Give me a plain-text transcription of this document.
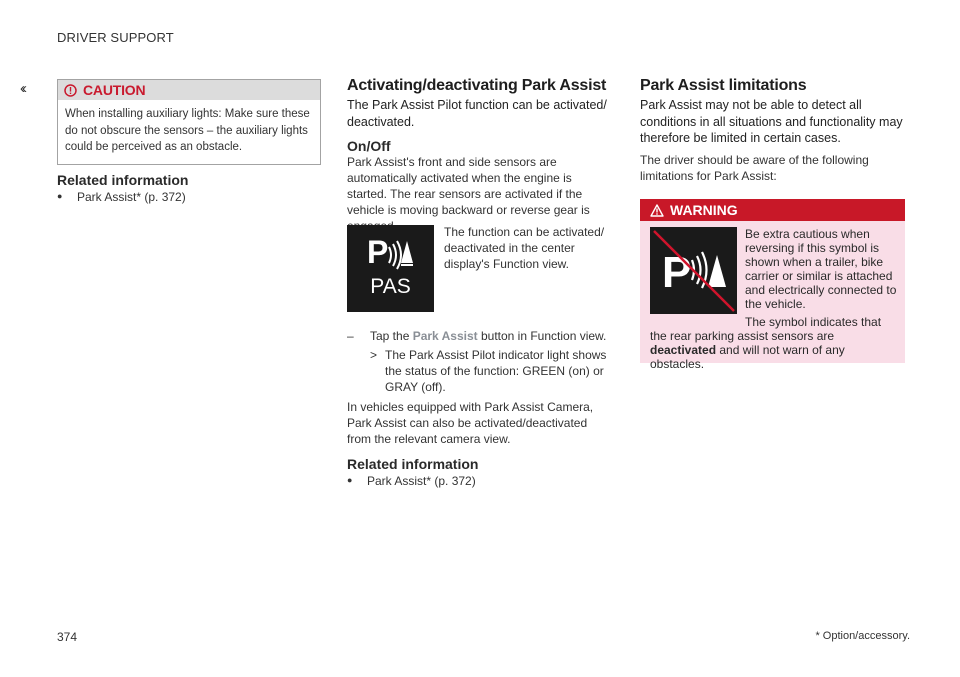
DRIVER SUPPORT
‹‹	CAUTION
When installing auxiliary lights: Make sure these do not obscure the sensors – the auxiliary lights could be perceived as an obstacle.
Related information
●	Park Assist* (p. 372)
Activating/deactivating Park Assist
The Park Assist Pilot function can be activated/ deactivated.
On/Off
Park Assist's front and side sensors are automatically activated when the engine is started. The rear sensors are activated if the vehicle is moving backward or reverse gear is
P
PAS
The function can be activated/ deactivated in the center display's Function view.
–	Tap the Park Assist button in Function view.
> The Park Assist Pilot indicator light shows the status of the function: GREEN (on) or GRAY (off).
In vehicles equipped with Park Assist Camera, Park Assist can also be activated/deactivated from the relevant camera view.
Related information
●	Park Assist* (p. 372)
Park Assist limitations
Park Assist may not be able to detect all conditions in all situations and functionality may therefore be limited in certain cases.
The driver should be aware of the following limitations for Park Assist:
WARNING
P
Be extra cautious when reversing if this symbol is shown when a trailer, bike carrier or similar is attached and electrically connected to the vehicle.
The symbol indicates that the rear parking assist sensors are deactivated and will not warn of any obstacles.
374	* Option/accessory.
